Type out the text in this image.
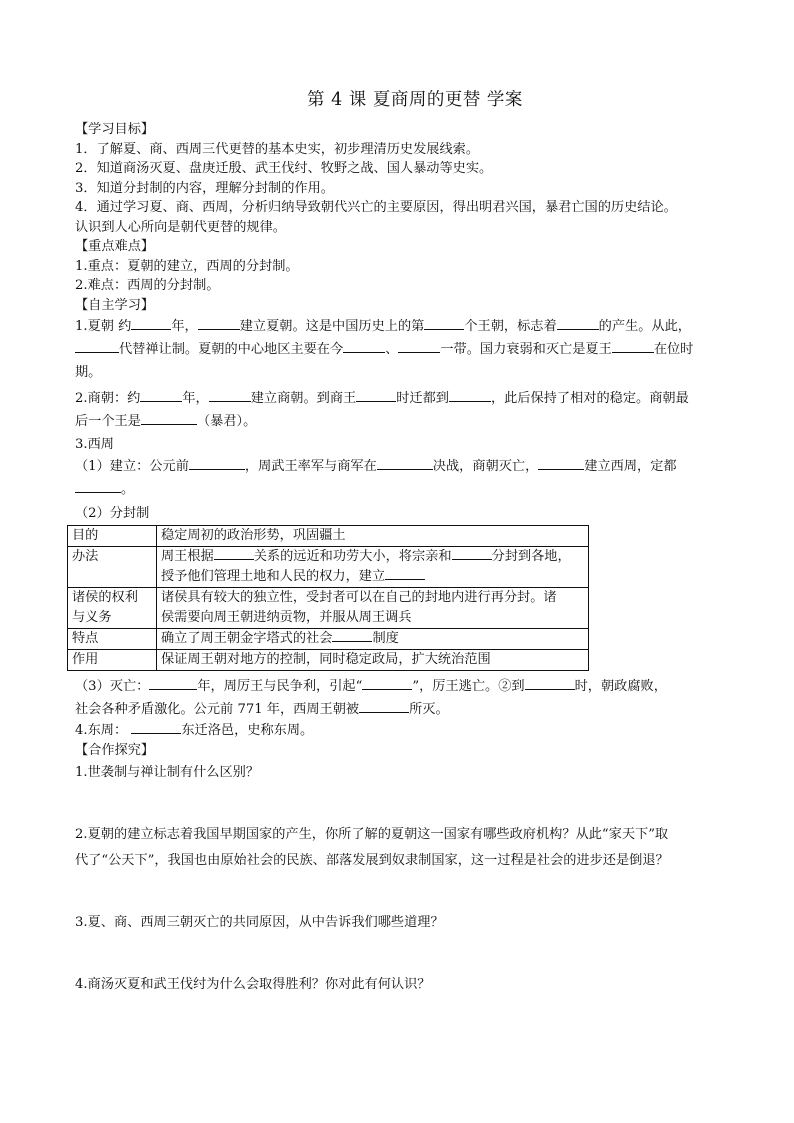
第 4 课 夏商周的更替 学案

【学习目标】

1．了解夏、商、西周三代更替的基本史实，初步理清历史发展线索。

2．知道商汤灭夏、盘庚迁殷、武王伐纣、牧野之战、国人暴动等史实。

3．知道分封制的内容，理解分封制的作用。

4．通过学习夏、商、西周，分析归纳导致朝代兴亡的主要原因，得出明君兴国，暴君亡国的历史结论。

认识到人心所向是朝代更替的规律。

【重点难点】

1.重点：夏朝的建立，西周的分封制。

2.难点：西周的分封制。

【自主学习】

1.夏朝 约	年，	建立夏朝。这是中国历史上的第	个王朝，标志着	的产生。从此，
代替禅让制。夏朝的中心地区主要在今	、	一带。国力衰弱和灭亡是夏王	在位时
期。

2.商朝：约	年，	建立商朝。到商王	时迁都到	，此后保持了相对的稳定。商朝最
后一个王是	（暴君）。

3.西周

（1）建立：公元前	，周武王率军与商军在	决战，商朝灭亡，	建立西周，定都
。

（2）分封制

目的	稳定周初的政治形势，巩固疆土
办法	周王根据 关系的远近和功劳大小，将宗亲和 分封到各地，
授予他们管理土地和人民的权力，建立
诸侯的权利
与义务	诸侯具有较大的独立性，受封者可以在自己的封地内进行再分封。诸
侯需要向周王朝进纳贡物，并服从周王调兵
特点	确立了周王朝金字塔式的社会 制度
作用	保证周王朝对地方的控制，同时稳定政局，扩大统治范围

（3）灭亡：	年，周厉王与民争利，引起“	”，厉王逃亡。②到	时，朝政腐败，
社会各种矛盾激化。公元前 771 年，西周王朝被	所灭。

4.东周：	东迁洛邑，史称东周。

【合作探究】

1.世袭制与禅让制有什么区别？

2.夏朝的建立标志着我国早期国家的产生，你所了解的夏朝这一国家有哪些政府机构？从此“家天下”取
代了“公天下”，我国也由原始社会的民族、部落发展到奴隶制国家，这一过程是社会的进步还是倒退？

3.夏、商、西周三朝灭亡的共同原因，从中告诉我们哪些道理？

4.商汤灭夏和武王伐纣为什么会取得胜利？你对此有何认识？
